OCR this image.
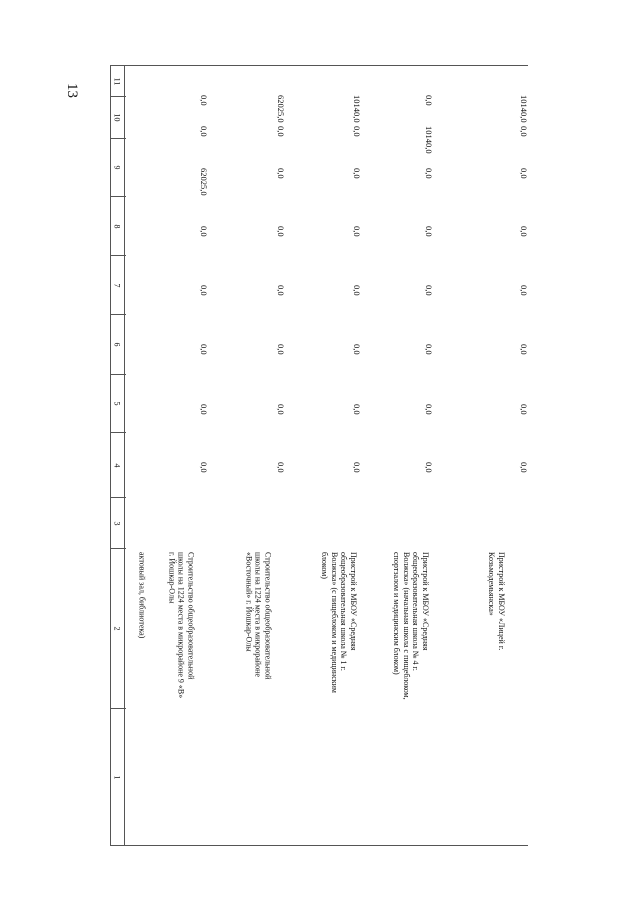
13
1
2
3
4
5
6
7
8
9
10
11
актовый зал, библиотека)	Строительство общеобразовательной школы на 1224 места в микрорайоне 9 «В» г. Йошкар-Олы
0,0
0,0
0,0
0,0
0,0
62025,0
0,0
0,0
Строительство общеобразовательной школы на 1224 места в микрорайоне «Восточный» г. Йошкар-Олы
0,0
0,0
0,0
0,0
0,0
0,0
0,0
62025,0
Пристрой к МБОУ «Средняя общеобразовательная школа № 1 г. Волжска» (с пищеблоком и медицинским блоком)
0,0
0,0
0,0
0,0
0,0
0,0
0,0
10140,0
Пристрой к МБОУ «Средняя общеобразовательная школа № 4 г. Волжска» (начальная школа с пищеблоком, спортзалом и медицинским блоком)
0,0
0,0
0,0
0,0
0,0
0,0
10140,0
0,0
Пристрой к МБОУ «Лицей г. Козьмодемьянска»
0,0
0,0
0,0
0,0
0,0
0,0
0,0
10140,0
